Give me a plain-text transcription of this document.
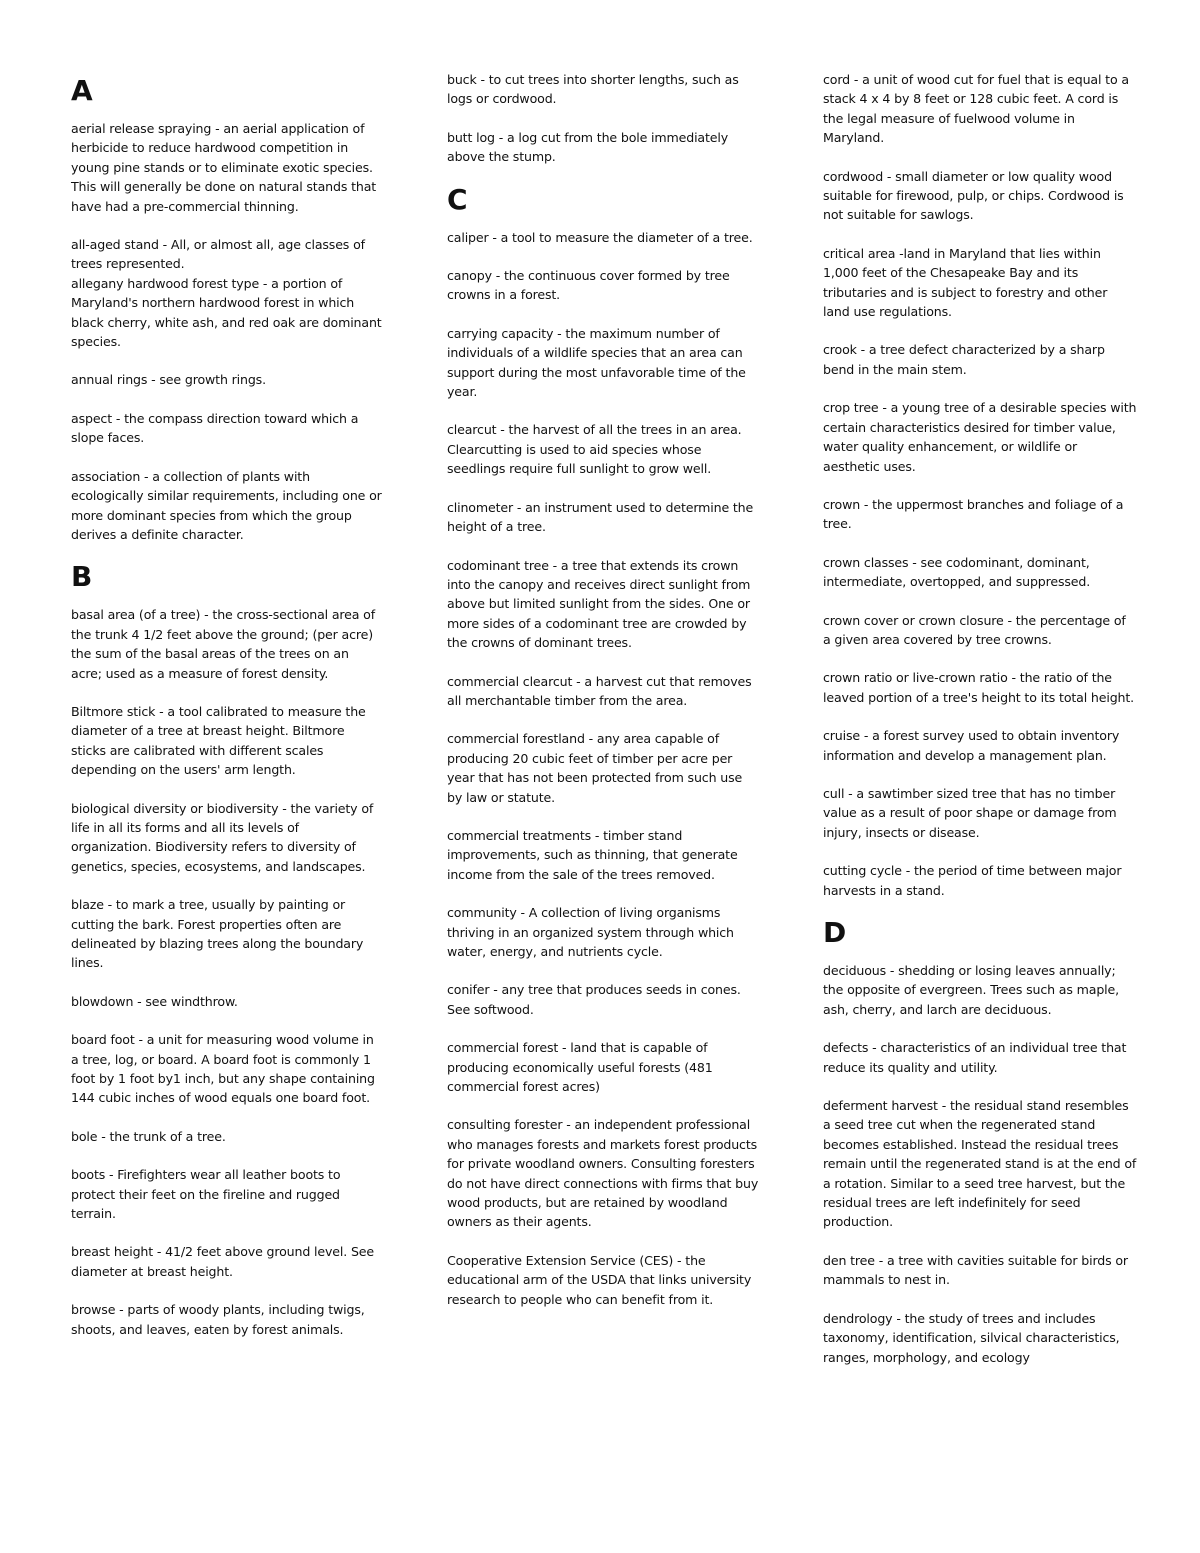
A

aerial release spraying - an aerial application of herbicide to reduce hardwood competition in young pine stands or to eliminate exotic species. This will generally be done on natural stands that have had a pre-commercial thinning.

all-aged stand - All, or almost all, age classes of trees represented.

allegany hardwood forest type - a portion of Maryland's northern hardwood forest in which black cherry, white ash, and red oak are dominant species.

annual rings - see growth rings.

aspect - the compass direction toward which a slope faces.

association - a collection of plants with ecologically similar requirements, including one or more dominant species from which the group derives a definite character.

B

basal area (of a tree) - the cross-sectional area of the trunk 4 1/2 feet above the ground; (per acre) the sum of the basal areas of the trees on an acre; used as a measure of forest density.

Biltmore stick - a tool calibrated to measure the diameter of a tree at breast height. Biltmore sticks are calibrated with different scales depending on the users' arm length.

biological diversity or biodiversity - the variety of life in all its forms and all its levels of organization. Biodiversity refers to diversity of genetics, species, ecosystems, and landscapes.

blaze - to mark a tree, usually by painting or cutting the bark. Forest properties often are delineated by blazing trees along the boundary lines.

blowdown - see windthrow.

board foot - a unit for measuring wood volume in a tree, log, or board. A board foot is commonly 1 foot by 1 foot by1 inch, but any shape containing 144 cubic inches of wood equals one board foot.

bole - the trunk of a tree.

boots - Firefighters wear all leather boots to protect their feet on the fireline and rugged terrain.

breast height - 41/2 feet above ground level. See diameter at breast height.

browse - parts of woody plants, including twigs, shoots, and leaves, eaten by forest animals.

buck - to cut trees into shorter lengths, such as logs or cordwood.

butt log - a log cut from the bole immediately above the stump.

C

caliper - a tool to measure the diameter of a tree.

canopy - the continuous cover formed by tree crowns in a forest.

carrying capacity - the maximum number of individuals of a wildlife species that an area can support during the most unfavorable time of the year.

clearcut - the harvest of all the trees in an area. Clearcutting is used to aid species whose seedlings require full sunlight to grow well.

clinometer - an instrument used to determine the height of a tree.

codominant tree - a tree that extends its crown into the canopy and receives direct sunlight from above but limited sunlight from the sides. One or more sides of a codominant tree are crowded by the crowns of dominant trees.

commercial clearcut - a harvest cut that removes all merchantable timber from the area.

commercial forestland - any area capable of producing 20 cubic feet of timber per acre per year that has not been protected from such use by law or statute.

commercial treatments - timber stand improvements, such as thinning, that generate income from the sale of the trees removed.

community - A collection of living organisms thriving in an organized system through which water, energy, and nutrients cycle.

conifer - any tree that produces seeds in cones. See softwood.

commercial forest - land that is capable of producing economically useful forests (481 commercial forest acres)

consulting forester - an independent professional who manages forests and markets forest products for private woodland owners. Consulting foresters do not have direct connections with firms that buy wood products, but are retained by woodland owners as their agents.

Cooperative Extension Service (CES) - the educational arm of the USDA that links university research to people who can benefit from it.

cord - a unit of wood cut for fuel that is equal to a stack 4 x 4 by 8 feet or 128 cubic feet. A cord is the legal measure of fuelwood volume in Maryland.

cordwood - small diameter or low quality wood suitable for firewood, pulp, or chips. Cordwood is not suitable for sawlogs.

critical area -land in Maryland that lies within 1,000 feet of the Chesapeake Bay and its tributaries and is subject to forestry and other land use regulations.

crook - a tree defect characterized by a sharp bend in the main stem.

crop tree - a young tree of a desirable species with certain characteristics desired for timber value, water quality enhancement, or wildlife or aesthetic uses.

crown - the uppermost branches and foliage of a tree.

crown classes - see codominant, dominant, intermediate, overtopped, and suppressed.

crown cover or crown closure - the percentage of a given area covered by tree crowns.

crown ratio or live-crown ratio - the ratio of the leaved portion of a tree's height to its total height.

cruise - a forest survey used to obtain inventory information and develop a management plan.

cull - a sawtimber sized tree that has no timber value as a result of poor shape or damage from injury, insects or disease.

cutting cycle - the period of time between major harvests in a stand.

D

deciduous - shedding or losing leaves annually; the opposite of evergreen. Trees such as maple, ash, cherry, and larch are deciduous.

defects - characteristics of an individual tree that reduce its quality and utility.

deferment harvest - the residual stand resembles a seed tree cut when the regenerated stand becomes established. Instead the residual trees remain until the regenerated stand is at the end of a rotation. Similar to a seed tree harvest, but the residual trees are left indefinitely for seed production.

den tree - a tree with cavities suitable for birds or mammals to nest in.

dendrology - the study of trees and includes taxonomy, identification, silvical characteristics, ranges, morphology, and ecology
